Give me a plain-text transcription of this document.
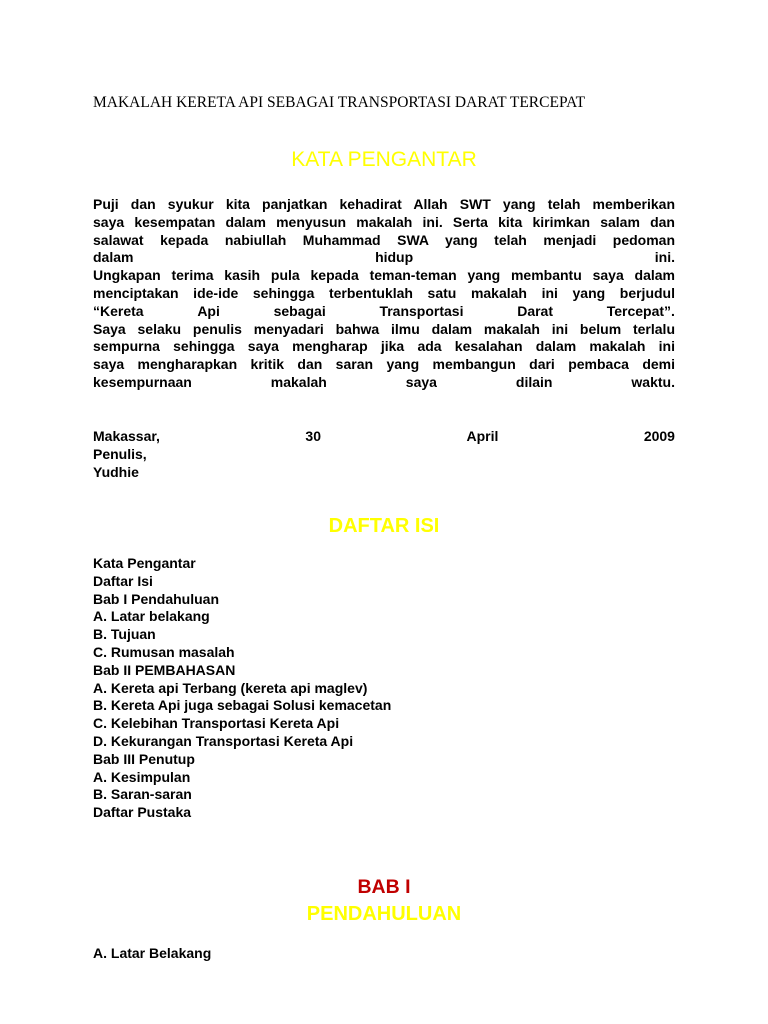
MAKALAH KERETA API SEBAGAI TRANSPORTASI DARAT TERCEPAT
KATA PENGANTAR
Puji dan syukur kita panjatkan kehadirat Allah SWT yang telah memberikan
saya kesempatan dalam menyusun makalah ini. Serta kita kirimkan salam dan
salawat kepada nabiullah Muhammad SWA yang telah menjadi pedoman
dalam	hidup	ini.
Ungkapan terima kasih pula kepada teman-teman yang membantu saya dalam
menciptakan ide-ide sehingga terbentuklah satu makalah ini yang berjudul
“Kereta	Api	sebagai	Transportasi	Darat	Tercepat”.
Saya selaku penulis menyadari bahwa ilmu dalam makalah ini belum terlalu
sempurna sehingga saya mengharap jika ada kesalahan dalam makalah ini
saya mengharapkan kritik dan saran yang membangun dari pembaca demi
kesempurnaan	makalah	saya	dilain	waktu.
Makassar,	30	April	2009
Penulis,
Yudhie
DAFTAR ISI
Kata Pengantar
Daftar Isi
Bab I Pendahuluan
A. Latar belakang
B. Tujuan
C. Rumusan masalah
Bab II PEMBAHASAN
A. Kereta api Terbang (kereta api maglev)
B. Kereta Api juga sebagai Solusi kemacetan
C. Kelebihan Transportasi Kereta Api
D. Kekurangan Transportasi Kereta Api
Bab III Penutup
A. Kesimpulan
B. Saran-saran
Daftar Pustaka
BAB I
PENDAHULUAN
A. Latar Belakang
